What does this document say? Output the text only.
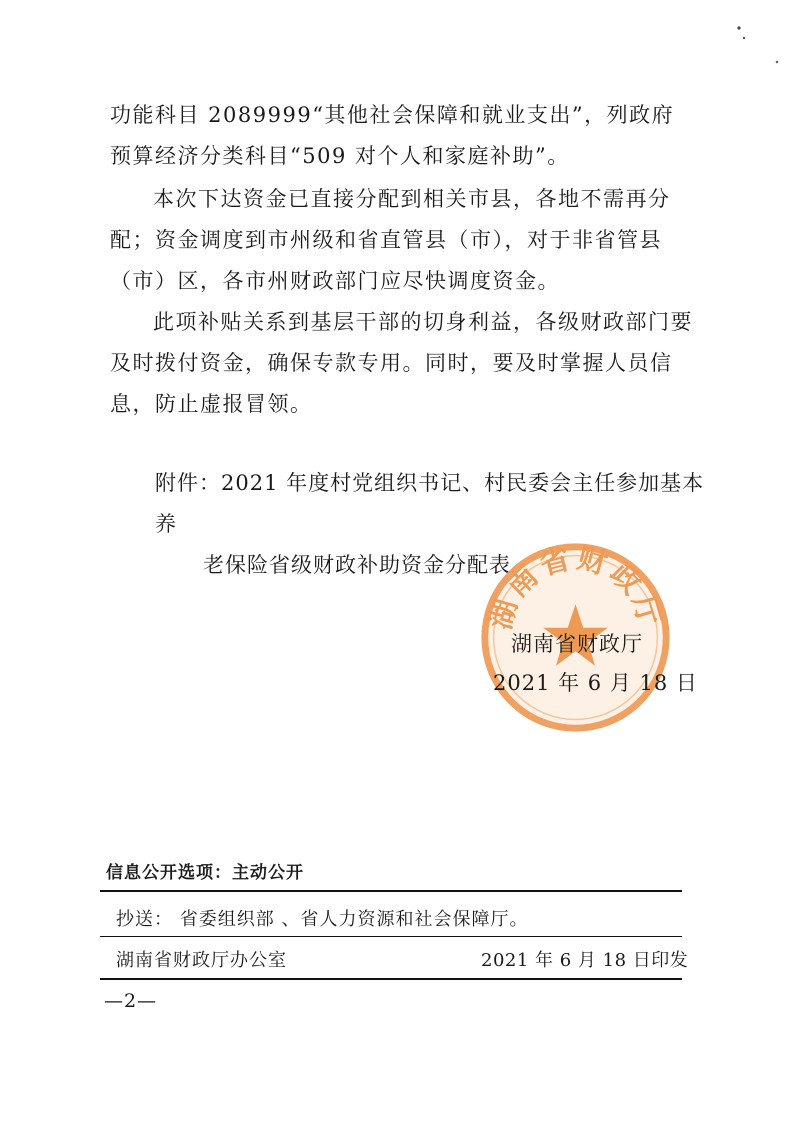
功能科目 2089999“其他社会保障和就业支出”，列政府预算经济分类科目“509 对个人和家庭补助”。

本次下达资金已直接分配到相关市县，各地不需再分配；资金调度到市州级和省直管县（市），对于非省管县（市）区，各市州财政部门应尽快调度资金。

此项补贴关系到基层干部的切身利益，各级财政部门要及时拨付资金，确保专款专用。同时，要及时掌握人员信息，防止虚报冒领。

附件：2021 年度村党组织书记、村民委会主任参加基本养
老保险省级财政补助资金分配表

湖南省财政厅
湖南省财政厅
2021 年 6 月 18 日
信息公开选项：主动公开
抄送： 省委组织部 、省人力资源和社会保障厅。
湖南省财政厅办公室	2021 年 6 月 18 日印发
—2—
